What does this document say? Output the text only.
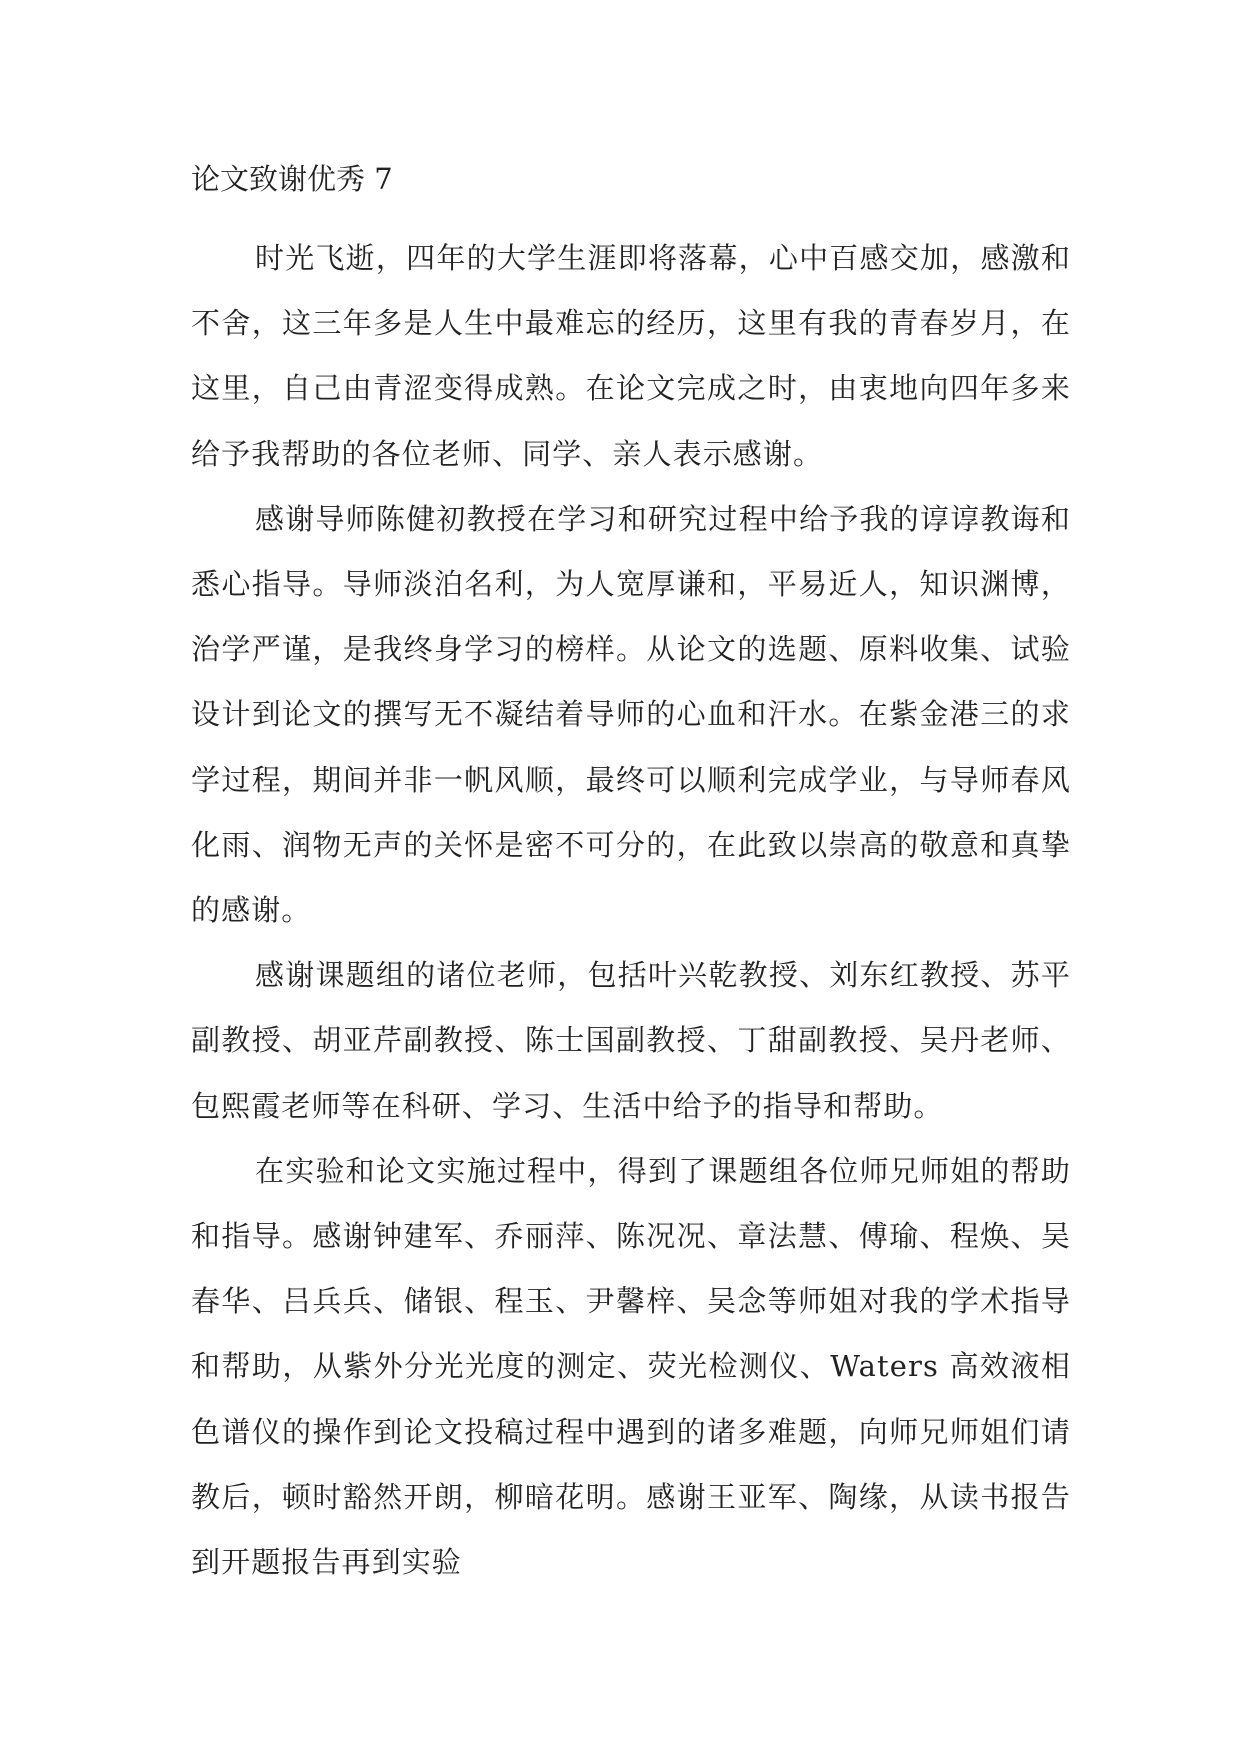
论文致谢优秀 7

时光飞逝，四年的大学生涯即将落幕，心中百感交加，感激和不舍，这三年多是人生中最难忘的经历，这里有我的青春岁月，在这里，自己由青涩变得成熟。在论文完成之时，由衷地向四年多来给予我帮助的各位老师、同学、亲人表示感谢。

感谢导师陈健初教授在学习和研究过程中给予我的谆谆教诲和悉心指导。导师淡泊名利，为人宽厚谦和，平易近人，知识渊博，治学严谨，是我终身学习的榜样。从论文的选题、原料收集、试验设计到论文的撰写无不凝结着导师的心血和汗水。在紫金港三的求学过程，期间并非一帆风顺，最终可以顺利完成学业，与导师春风化雨、润物无声的关怀是密不可分的，在此致以崇高的敬意和真挚的感谢。

感谢课题组的诸位老师，包括叶兴乾教授、刘东红教授、苏平副教授、胡亚芹副教授、陈士国副教授、丁甜副教授、吴丹老师、包熙霞老师等在科研、学习、生活中给予的指导和帮助。

在实验和论文实施过程中，得到了课题组各位师兄师姐的帮助和指导。感谢钟建军、乔丽萍、陈况况、章法慧、傅瑜、程焕、吴春华、吕兵兵、储银、程玉、尹馨梓、吴念等师姐对我的学术指导和帮助，从紫外分光光度的测定、荧光检测仪、Waters 高效液相色谱仪的操作到论文投稿过程中遇到的诸多难题，向师兄师姐们请教后，顿时豁然开朗，柳暗花明。感谢王亚军、陶缘，从读书报告到开题报告再到实验
